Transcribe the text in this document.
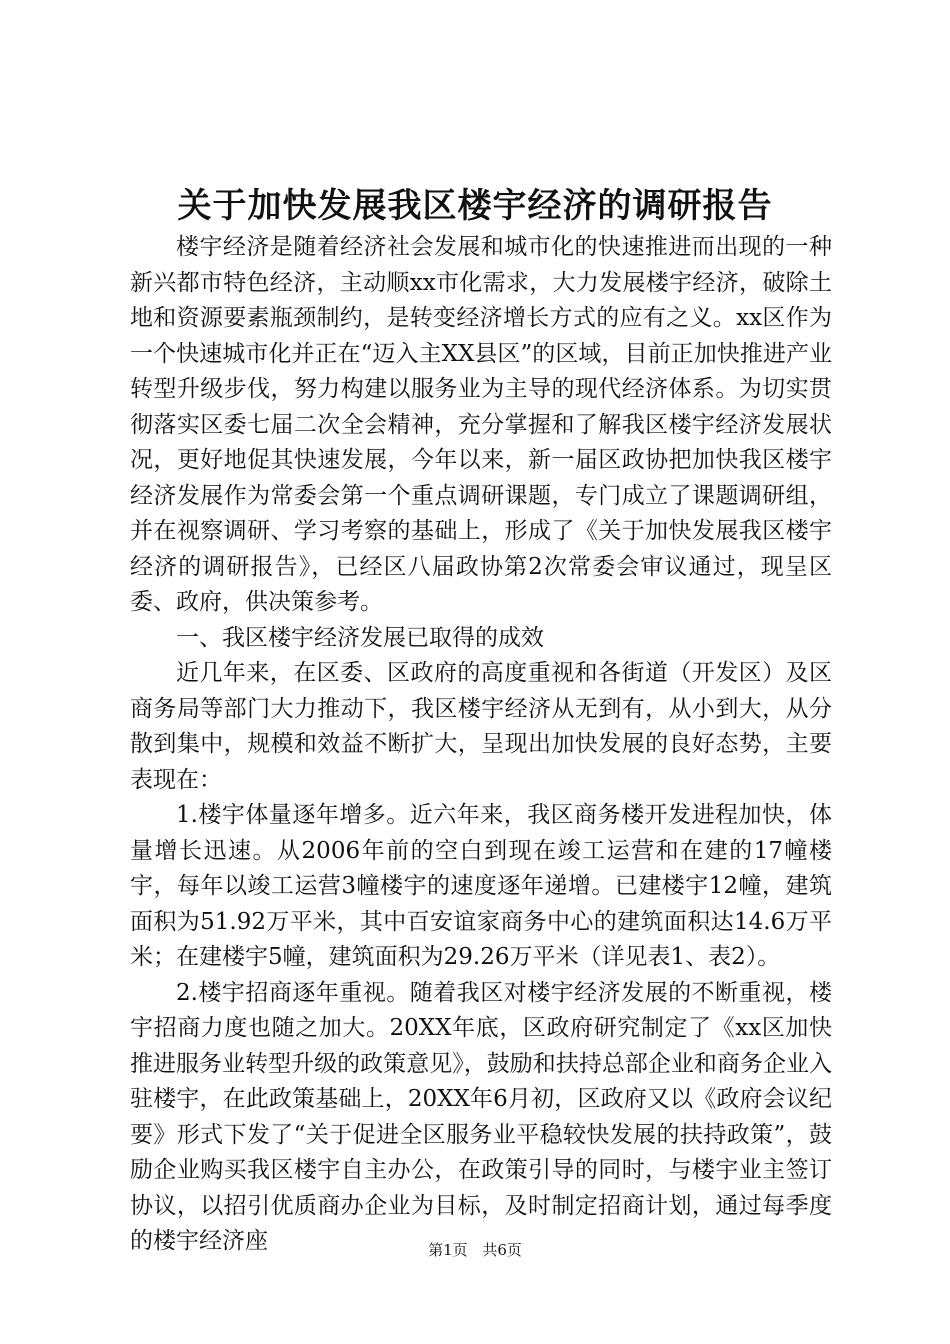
关于加快发展我区楼宇经济的调研报告

楼宇经济是随着经济社会发展和城市化的快速推进而出现的一种新兴都市特色经济，主动顺xx市化需求，大力发展楼宇经济，破除土地和资源要素瓶颈制约，是转变经济增长方式的应有之义。xx区作为一个快速城市化并正在“迈入主XX县区”的区域，目前正加快推进产业转型升级步伐，努力构建以服务业为主导的现代经济体系。为切实贯彻落实区委七届二次全会精神，充分掌握和了解我区楼宇经济发展状况，更好地促其快速发展，今年以来，新一届区政协把加快我区楼宇经济发展作为常委会第一个重点调研课题，专门成立了课题调研组，并在视察调研、学习考察的基础上，形成了《关于加快发展我区楼宇经济的调研报告》，已经区八届政协第2次常委会审议通过，现呈区委、政府，供决策参考。

一、我区楼宇经济发展已取得的成效

近几年来，在区委、区政府的高度重视和各街道（开发区）及区商务局等部门大力推动下，我区楼宇经济从无到有，从小到大，从分散到集中，规模和效益不断扩大，呈现出加快发展的良好态势，主要表现在：

1.楼宇体量逐年增多。近六年来，我区商务楼开发进程加快，体量增长迅速。从2006年前的空白到现在竣工运营和在建的17幢楼宇，每年以竣工运营3幢楼宇的速度逐年递增。已建楼宇12幢，建筑面积为51.92万平米，其中百安谊家商务中心的建筑面积达14.6万平米；在建楼宇5幢，建筑面积为29.26万平米（详见表1、表2）。

2.楼宇招商逐年重视。随着我区对楼宇经济发展的不断重视，楼宇招商力度也随之加大。20XX年底，区政府研究制定了《xx区加快推进服务业转型升级的政策意见》，鼓励和扶持总部企业和商务企业入驻楼宇，在此政策基础上，20XX年6月初，区政府又以《政府会议纪要》形式下发了“关于促进全区服务业平稳较快发展的扶持政策”，鼓励企业购买我区楼宇自主办公，在政策引导的同时，与楼宇业主签订协议，以招引优质商办企业为目标，及时制定招商计划，通过每季度的楼宇经济座	第1页 共6页
